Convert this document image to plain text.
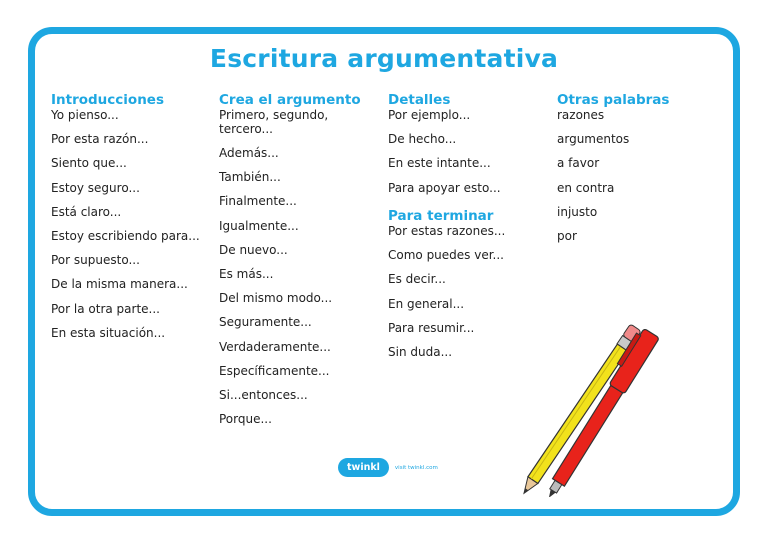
Escritura argumentativa
Introducciones
Yo pienso...
Por esta razón...
Siento que...
Estoy seguro...
Está claro...
Estoy escribiendo para...
Por supuesto...
De la misma manera...
Por la otra parte...
En esta situación...
Crea el argumento
Primero, segundo, tercero...
Además...
También...
Finalmente...
Igualmente...
De nuevo...
Es más...
Del mismo modo...
Seguramente...
Verdaderamente...
Específicamente...
Si...entonces...
Porque...
Detalles
Por ejemplo...
De hecho...
En este intante...
Para apoyar esto...
Para terminar
Por estas razones...
Como puedes ver...
Es decir...
En general...
Para resumir...
Sin duda...
Otras palabras
razones
argumentos
a favor
en contra
injusto
por
twinkl	visit twinkl.com
